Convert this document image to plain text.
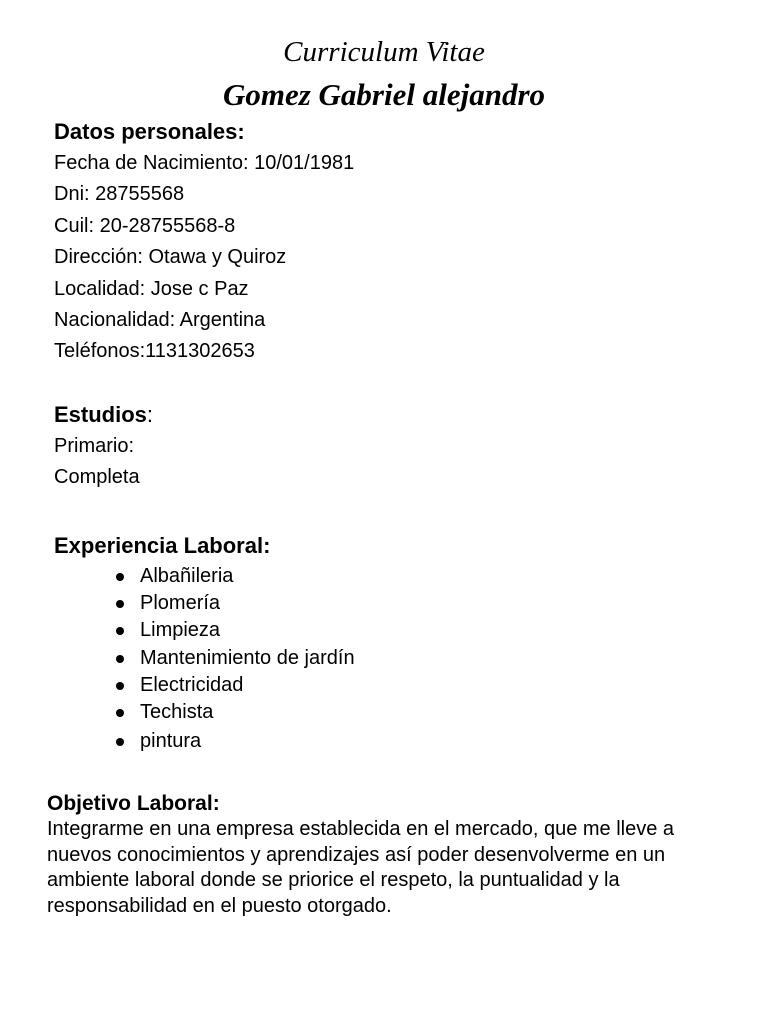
Curriculum Vitae
Gomez Gabriel alejandro

Datos personales:

Fecha de Nacimiento: 10/01/1981

Dni: 28755568

Cuil: 20-28755568-8

Dirección: Otawa y Quiroz

Localidad: Jose c Paz

Nacionalidad: Argentina

Teléfonos:1131302653

Estudios:

Primario:

Completa

Experiencia Laboral:

Albañileria
Plomería
Limpieza
Mantenimiento de jardín
Electricidad
Techista
pintura

Objetivo Laboral:

Integrarme en una empresa establecida en el mercado, que me lleve a nuevos conocimientos y aprendizajes así poder desenvolverme en un ambiente laboral donde se priorice el respeto, la puntualidad y la responsabilidad en el puesto otorgado.
